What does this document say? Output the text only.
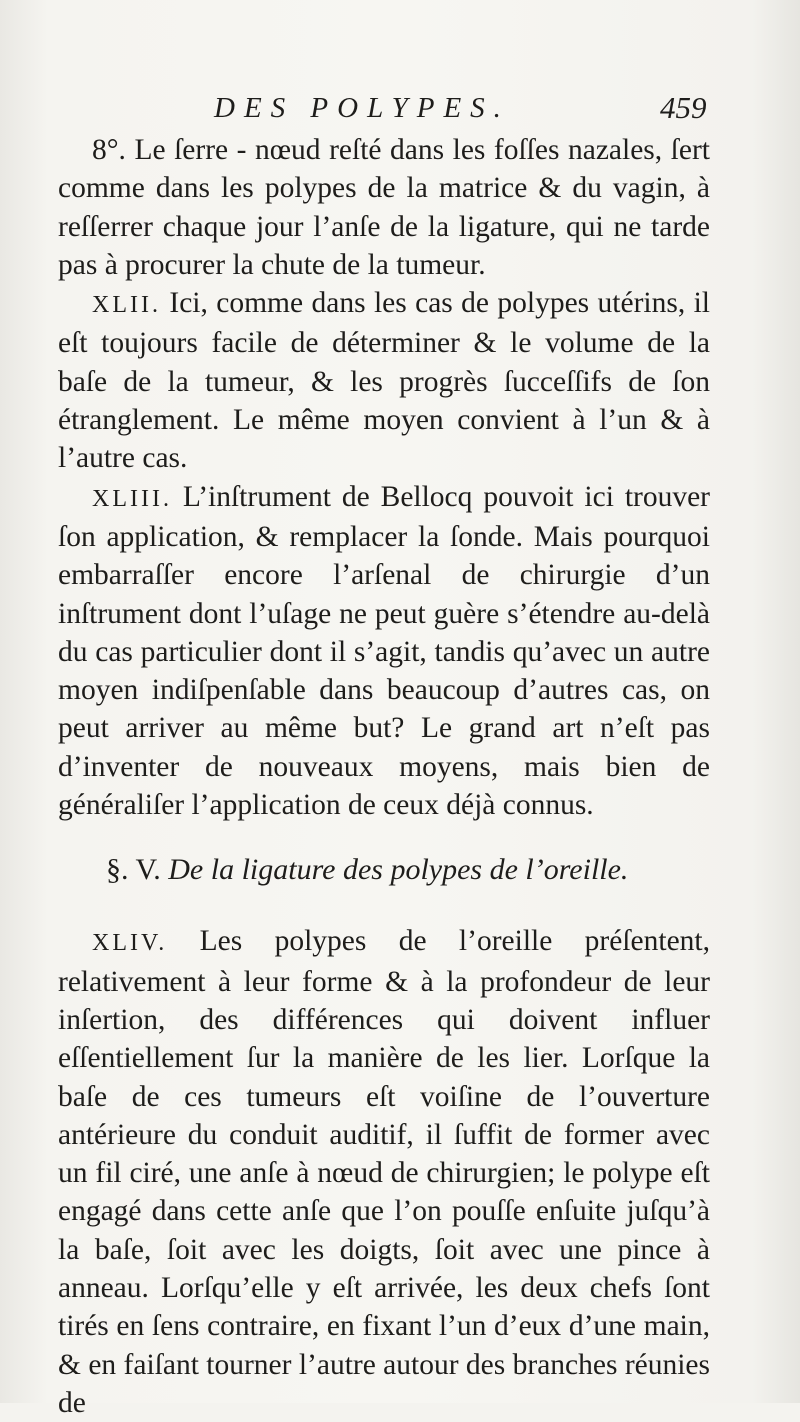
DES POLYPES.	459

8°. Le ſerre - nœud reſté dans les foſſes nazales, ſert comme dans les polypes de la matrice & du vagin, à reſſerrer chaque jour l’anſe de la ligature, qui ne tarde pas à procurer la chute de la tumeur.

XLII. Ici, comme dans les cas de polypes utérins, il eſt toujours facile de déterminer & le volume de la baſe de la tumeur, & les progrès ſucceſſifs de ſon étranglement. Le même moyen convient à l’un & à l’autre cas.

XLIII. L’inſtrument de Bellocq pouvoit ici trouver ſon application, & remplacer la ſonde. Mais pourquoi embarraſſer encore l’arſenal de chirurgie d’un inſtrument dont l’uſage ne peut guère s’étendre au-delà du cas particulier dont il s’agit, tandis qu’avec un autre moyen indiſpenſable dans beaucoup d’autres cas, on peut arriver au même but? Le grand art n’eſt pas d’inventer de nouveaux moyens, mais bien de généraliſer l’application de ceux déjà connus.

§. V. De la ligature des polypes de l’oreille.

XLIV. Les polypes de l’oreille préſentent, relativement à leur forme & à la profondeur de leur inſertion, des différences qui doivent influer eſſentiellement ſur la manière de les lier. Lorſque la baſe de ces tumeurs eſt voiſine de l’ouverture antérieure du conduit auditif, il ſuffit de former avec un fil ciré, une anſe à nœud de chirurgien; le polype eſt engagé dans cette anſe que l’on pouſſe enſuite juſqu’à la baſe, ſoit avec les doigts, ſoit avec une pince à anneau. Lorſqu’elle y eſt arrivée, les deux chefs ſont tirés en ſens contraire, en fixant l’un d’eux d’une main, & en faiſant tourner l’autre autour des branches réunies de
